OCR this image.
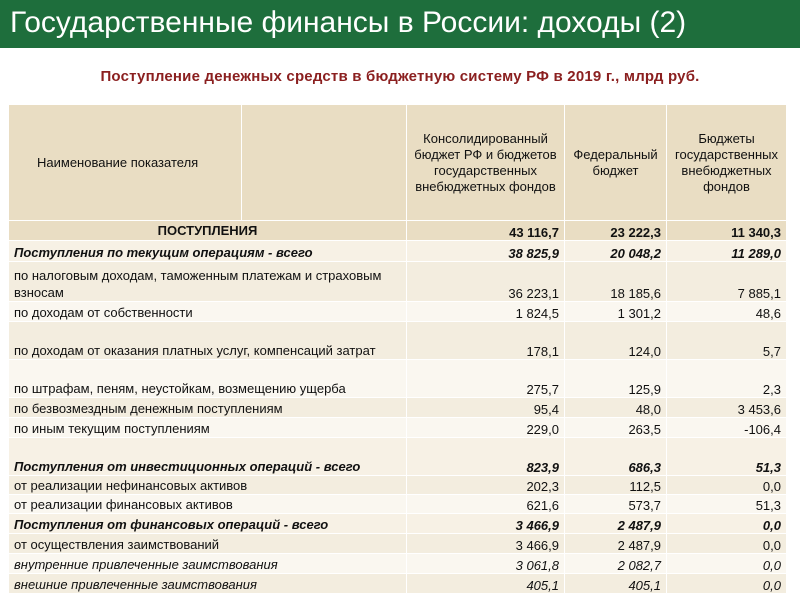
Государственные финансы в России: доходы (2)
Поступление денежных средств в бюджетную систему РФ в 2019 г., млрд руб.
Наименование показателя		Консолидированный бюджет РФ и бюджетов государственных внебюджетных фондов	Федеральный бюджет	Бюджеты государственных внебюджетных фондов
ПОСТУПЛЕНИЯ		43 116,7	23 222,3	11 340,3
Поступления по текущим операциям - всего		38 825,9	20 048,2	11 289,0
по налоговым доходам, таможенным платежам и страховым взносам		36 223,1	18 185,6	7 885,1
по доходам от собственности		1 824,5	1 301,2	48,6
по доходам от оказания платных услуг, компенсаций затрат		178,1	124,0	5,7
по штрафам, пеням, неустойкам, возмещению ущерба		275,7	125,9	2,3
по безвозмездным денежным поступлениям		95,4	48,0	3 453,6
по иным текущим поступлениям		229,0	263,5	-106,4
Поступления от инвестиционных операций - всего		823,9	686,3	51,3
от реализации нефинансовых активов		202,3	112,5	0,0
от реализации финансовых активов		621,6	573,7	51,3
Поступления от финансовых операций - всего		3 466,9	2 487,9	0,0
от осуществления заимствований		3 466,9	2 487,9	0,0
внутренние привлеченные заимствования		3 061,8	2 082,7	0,0
внешние привлеченные заимствования		405,1	405,1	0,0
